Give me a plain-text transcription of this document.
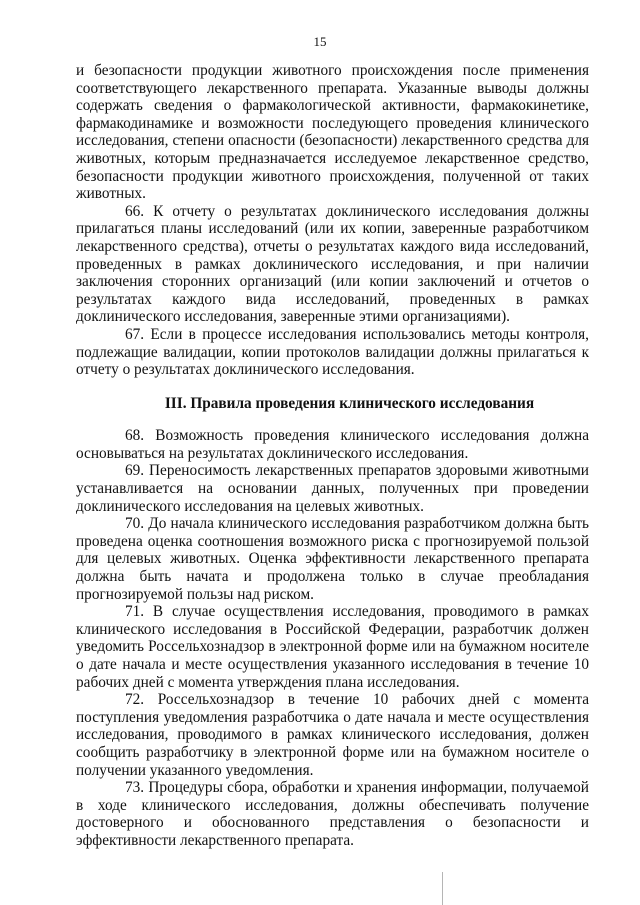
15

и безопасности продукции животного происхождения после применения соответствующего лекарственного препарата. Указанные выводы должны содержать сведения о фармакологической активности, фармакокинетике, фармакодинамике и возможности последующего проведения клинического исследования, степени опасности (безопасности) лекарственного средства для животных, которым предназначается исследуемое лекарственное средство, безопасности продукции животного происхождения, полученной от таких животных.

66. К отчету о результатах доклинического исследования должны прилагаться планы исследований (или их копии, заверенные разработчиком лекарственного средства), отчеты о результатах каждого вида исследований, проведенных в рамках доклинического исследования, и при наличии заключения сторонних организаций (или копии заключений и отчетов о результатах каждого вида исследований, проведенных в рамках доклинического исследования, заверенные этими организациями).

67. Если в процессе исследования использовались методы контроля, подлежащие валидации, копии протоколов валидации должны прилагаться к отчету о результатах доклинического исследования.

III. Правила проведения клинического исследования

68. Возможность проведения клинического исследования должна основываться на результатах доклинического исследования.

69. Переносимость лекарственных препаратов здоровыми животными устанавливается на основании данных, полученных при проведении доклинического исследования на целевых животных.

70. До начала клинического исследования разработчиком должна быть проведена оценка соотношения возможного риска с прогнозируемой пользой для целевых животных. Оценка эффективности лекарственного препарата должна быть начата и продолжена только в случае преобладания прогнозируемой пользы над риском.

71. В случае осуществления исследования, проводимого в рамках клинического исследования в Российской Федерации, разработчик должен уведомить Россельхознадзор в электронной форме или на бумажном носителе о дате начала и месте осуществления указанного исследования в течение 10 рабочих дней с момента утверждения плана исследования.

72. Россельхознадзор в течение 10 рабочих дней с момента поступления уведомления разработчика о дате начала и месте осуществления исследования, проводимого в рамках клинического исследования, должен сообщить разработчику в электронной форме или на бумажном носителе о получении указанного уведомления.

73. Процедуры сбора, обработки и хранения информации, получаемой в ходе клинического исследования, должны обеспечивать получение достоверного и обоснованного представления о безопасности и эффективности лекарственного препарата.
